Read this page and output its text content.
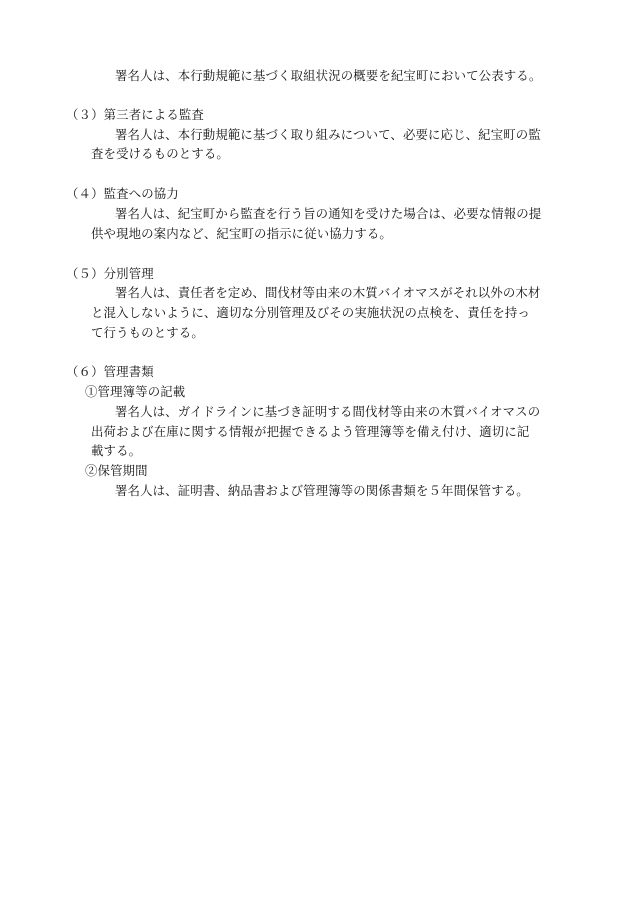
署名人は、本行動規範に基づく取組状況の概要を紀宝町において公表する。
（３）第三者による監査
署名人は、本行動規範に基づく取り組みについて、必要に応じ、紀宝町の監
査を受けるものとする。
（４）監査への協力
署名人は、紀宝町から監査を行う旨の通知を受けた場合は、必要な情報の提
供や現地の案内など、紀宝町の指示に従い協力する。
（５）分別管理
署名人は、責任者を定め、間伐材等由来の木質バイオマスがそれ以外の木材
と混入しないように、適切な分別管理及びその実施状況の点検を、責任を持っ
て行うものとする。
（６）管理書類
①管理簿等の記載
署名人は、ガイドラインに基づき証明する間伐材等由来の木質バイオマスの
出荷および在庫に関する情報が把握できるよう管理簿等を備え付け、適切に記
載する。
②保管期間
署名人は、証明書、納品書および管理簿等の関係書類を５年間保管する。
